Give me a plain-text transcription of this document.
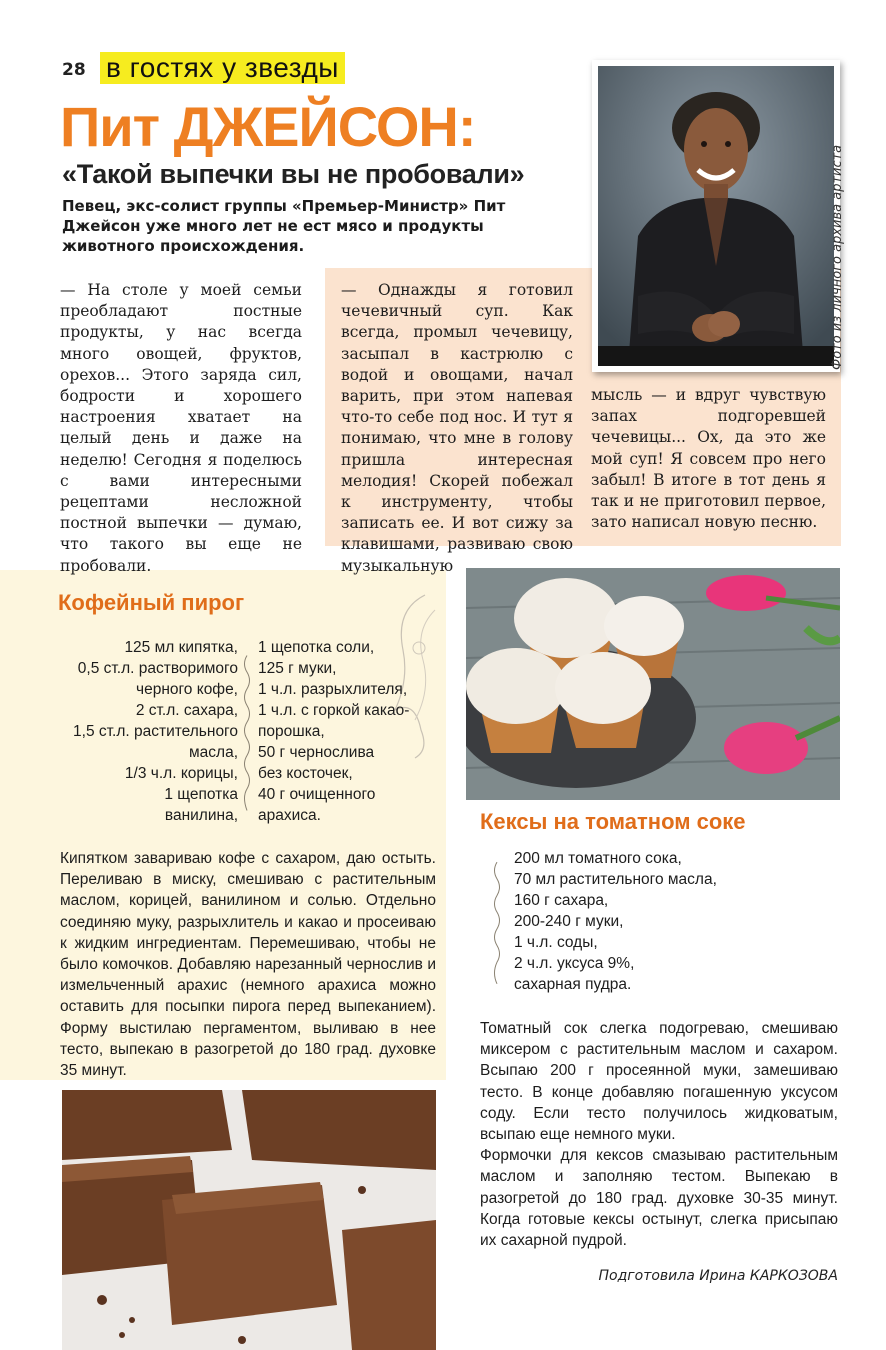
28 в гостях у звезды
Пит ДЖЕЙСОН:
«Такой выпечки вы не пробовали»
Певец, экс-солист группы «Премьер-Министр» Пит Джейсон уже много лет не ест мясо и продукты животного происхождения.	Фото из личного архива артиста
— На столе у моей семьи преобладают постные продукты, у нас всегда много овощей, фруктов, орехов... Этого заряда сил, бодрости и хорошего настроения хватает на целый день и даже на неделю! Сегодня я поделюсь с вами интересными рецептами несложной постной выпечки — думаю, что такого вы еще не пробовали.
— Однажды я готовил чечевичный суп. Как всегда, промыл чечевицу, засыпал в кастрюлю с водой и овощами, начал варить, при этом напевая что-то себе под нос. И тут я понимаю, что мне в голову пришла интересная мелодия! Скорей побежал к инструменту, чтобы записать ее. И вот сижу за клавишами, развиваю свою музыкальную
мысль — и вдруг чувствую запах подгоревшей чечевицы... Ох, да это же мой суп! Я совсем про него забыл! В итоге в тот день я так и не приготовил первое, зато написал новую песню.
Кофейный пирог
125 мл кипятка,
0,5 ст.л. растворимого
черного кофе,
2 ст.л. сахара,
1,5 ст.л. растительного
масла,
1/3 ч.л. корицы,
1 щепотка
ванилина,
1 щепотка соли,
125 г муки,
1 ч.л. разрыхлителя,
1 ч.л. с горкой какао-
порошка,
50 г чернослива
без косточек,
40 г очищенного
арахиса.
Кипятком завариваю кофе с сахаром, даю остыть. Переливаю в миску, смешиваю с растительным маслом, корицей, ванилином и солью. Отдельно соединяю муку, разрыхлитель и какао и просеиваю к жидким ингредиентам. Перемешиваю, чтобы не было комочков. Добавляю нарезанный чернослив и измельченный арахис (немного арахиса можно оставить для посыпки пирога перед выпеканием). Форму выстилаю пергаментом, выливаю в нее тесто, выпекаю в разогретой до 180 град. духовке 35 минут.
Кексы на томатном соке
200 мл томатного сока,
70 мл растительного масла,
160 г сахара,
200-240 г муки,
1 ч.л. соды,
2 ч.л. уксуса 9%,
сахарная пудра.
Томатный сок слегка подогреваю, смешиваю миксером с растительным маслом и сахаром. Всыпаю 200 г просеянной муки, замешиваю тесто. В конце добавляю погашенную уксусом соду. Если тесто получилось жидковатым, всыпаю еще немного муки.
Формочки для кексов смазываю растительным маслом и заполняю тестом. Выпекаю в разогретой до 180 град. духовке 30-35 минут. Когда готовые кексы остынут, слегка присыпаю их сахарной пудрой.
Подготовила Ирина КАРКОЗОВА
